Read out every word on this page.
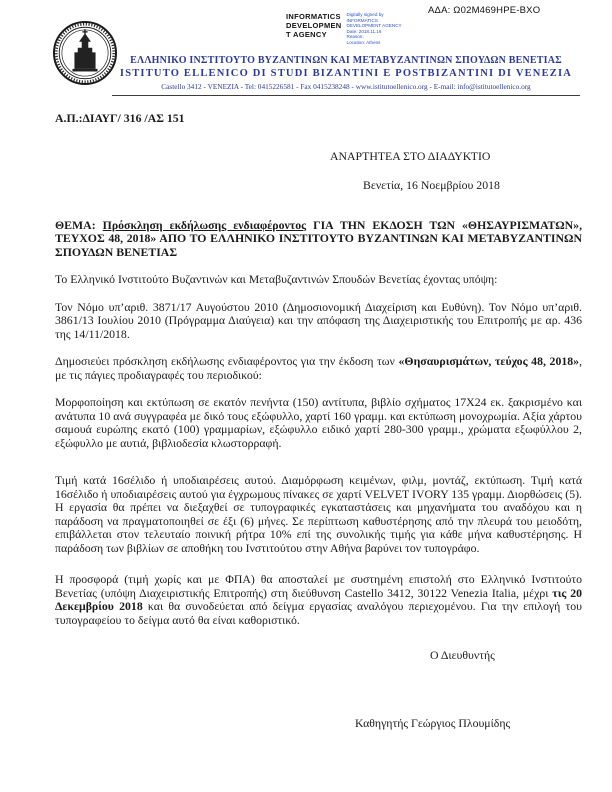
ΑΔΑ: Ω02Μ469ΗΡΕ-ΒΧΟ
INFORMATICS
DEVELOPMEN
T AGENCY
Digitally signed by
INFORMATICS
DEVELOPMENT AGENCY
Date: 2018.11.16
Reason:
Location: Athens
ΕΛΛΗΝΙΚΟ ΙΝΣΤΙΤΟΥΤΟ ΒΥΖΑΝΤΙΝΩΝ ΚΑΙ ΜΕΤΑΒΥΖΑΝΤΙΝΩΝ ΣΠΟΥΔΩΝ ΒΕΝΕΤΙΑΣ
ISTITUTO ELLENICO DI STUDI BIZANTINI E POSTBIZANTINI DI VENEZIA
Castello 3412 - VENEZIA - Tel: 0415226581 - Fax 0415238248 - www.istitutoellenico.org - E-mail: info@istitutoellenico.org
Α.Π.:ΔΙΑΥΓ/ 316 /ΑΣ 151
ΑΝΑΡΤΗΤΕΑ ΣΤΟ ΔΙΑΔΥΚΤΙΟ
Βενετία, 16 Νοεμβρίου 2018

ΘΕΜΑ: Πρόσκληση εκδήλωσης ενδιαφέροντος ΓΙΑ ΤΗΝ ΕΚΔΟΣΗ ΤΩΝ «ΘΗΣΑΥΡΙΣΜΑΤΩΝ», ΤΕΥΧΟΣ 48, 2018» ΑΠΟ ΤΟ ΕΛΛΗΝΙΚΟ ΙΝΣΤΙΤΟΥΤΟ ΒΥΖΑΝΤΙΝΩΝ ΚΑΙ ΜΕΤΑΒΥΖΑΝΤΙΝΩΝ ΣΠΟΥΔΩΝ ΒΕΝΕΤΙΑΣ

Το Ελληνικό Ινστιτούτο Βυζαντινών και Μεταβυζαντινών Σπουδών Βενετίας έχοντας υπόψη:

Τον Νόμο υπ’αριθ. 3871/17 Αυγούστου 2010 (Δημοσιονομική Διαχείριση και Ευθύνη). Τον Νόμο υπ’αριθ. 3861/13 Ιουλίου 2010 (Πρόγραμμα Διαύγεια) και την απόφαση της Διαχειριστικής του Επιτροπής με αρ. 436 της 14/11/2018.

Δημοσιεύει πρόσκληση εκδήλωσης ενδιαφέροντος για την έκδοση των «Θησαυρισμάτων, τεύχος 48, 2018», με τις πάγιες προδιαγραφές του περιοδικού:

Μορφοποίηση και εκτύπωση σε εκατόν πενήντα (150) αντίτυπα, βιβλίο σχήματος 17Χ24 εκ. ξακρισμένο και ανάτυπα 10 ανά συγγραφέα με δικό τους εξώφυλλο, χαρτί 160 γραμμ. και εκτύπωση μονοχρωμία. Αξία χάρτου σαμουά ευρώπης εκατό (100) γραμμαρίων, εξώφυλλο ειδικό χαρτί 280-300 γραμμ., χρώματα εξωφύλλου 2, εξώφυλλο με αυτιά, βιβλιοδεσία κλωστορραφή.

Τιμή κατά 16σέλιδο ή υποδιαιρέσεις αυτού. Διαμόρφωση κειμένων, φιλμ, μοντάζ, εκτύπωση. Τιμή κατά 16σέλιδο ή υποδιαιρέσεις αυτού για έγχρωμους πίνακες σε χαρτί VELVET IVORY 135 γραμμ. Διορθώσεις (5). Η εργασία θα πρέπει να διεξαχθεί σε τυπογραφικές εγκαταστάσεις και μηχανήματα του αναδόχου και η παράδοση να πραγματοποιηθεί σε έξι (6) μήνες. Σε περίπτωση καθυστέρησης από την πλευρά του μειοδότη, επιβάλλεται στον τελευταίο ποινική ρήτρα 10% επί της συνολικής τιμής για κάθε μήνα καθυστέρησης. Η παράδοση των βιβλίων σε αποθήκη του Ινστιτούτου στην Αθήνα βαρύνει τον τυπογράφο.

Η προσφορά (τιμή χωρίς και με ΦΠΑ) θα αποσταλεί με συστημένη επιστολή στο Ελληνικό Ινστιτούτο Βενετίας (υπόψη Διαχειριστικής Επιτροπής) στη διεύθυνση Castello 3412, 30122 Venezia Italia, μέχρι τις 20 Δεκεμβρίου 2018 και θα συνοδεύεται από δείγμα εργασίας αναλόγου περιεχομένου. Για την επιλογή του τυπογραφείου το δείγμα αυτό θα είναι καθοριστικό.

Ο Διευθυντής
Καθηγητής Γεώργιος Πλουμίδης
